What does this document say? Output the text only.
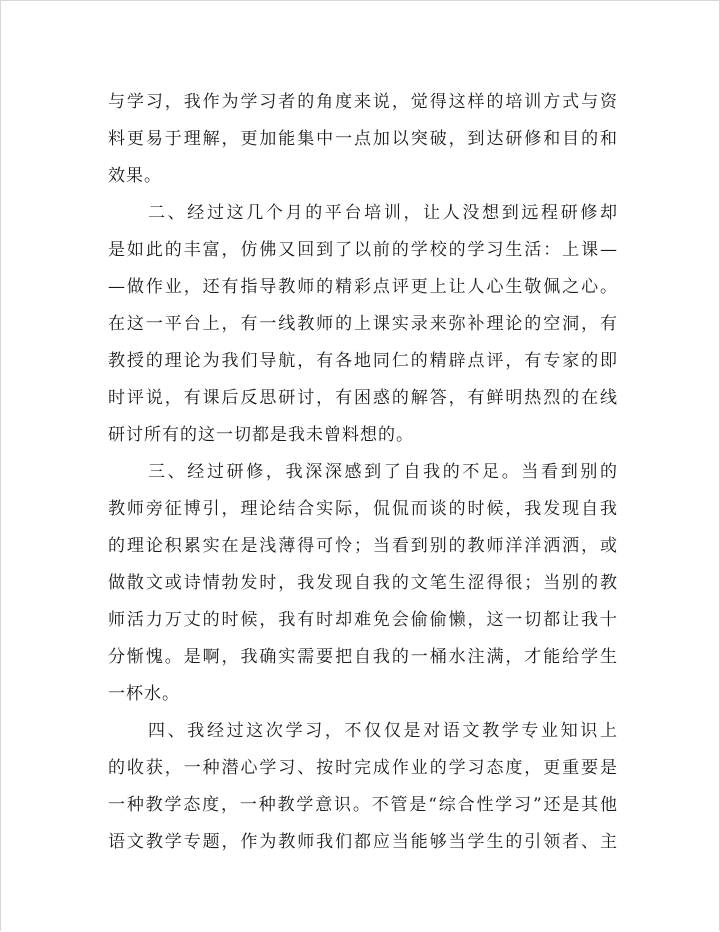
与学习，我作为学习者的角度来说，觉得这样的培训方式与资
料更易于理解，更加能集中一点加以突破，到达研修和目的和
效果。
二、经过这几个月的平台培训，让人没想到远程研修却
是如此的丰富，仿佛又回到了以前的学校的学习生活：上课—
—做作业，还有指导教师的精彩点评更上让人心生敬佩之心。
在这一平台上，有一线教师的上课实录来弥补理论的空洞，有
教授的理论为我们导航，有各地同仁的精辟点评，有专家的即
时评说，有课后反思研讨，有困惑的解答，有鲜明热烈的在线
研讨所有的这一切都是我未曾料想的。
三、经过研修，我深深感到了自我的不足。当看到别的
教师旁征博引，理论结合实际，侃侃而谈的时候，我发现自我
的理论积累实在是浅薄得可怜；当看到别的教师洋洋洒洒，或
做散文或诗情勃发时，我发现自我的文笔生涩得很；当别的教
师活力万丈的时候，我有时却难免会偷偷懒，这一切都让我十
分惭愧。是啊，我确实需要把自我的一桶水注满，才能给学生
一杯水。
四、我经过这次学习，不仅仅是对语文教学专业知识上
的收获，一种潜心学习、按时完成作业的学习态度，更重要是
一种教学态度，一种教学意识。不管是“综合性学习”还是其他
语文教学专题，作为教师我们都应当能够当学生的引领者、主
